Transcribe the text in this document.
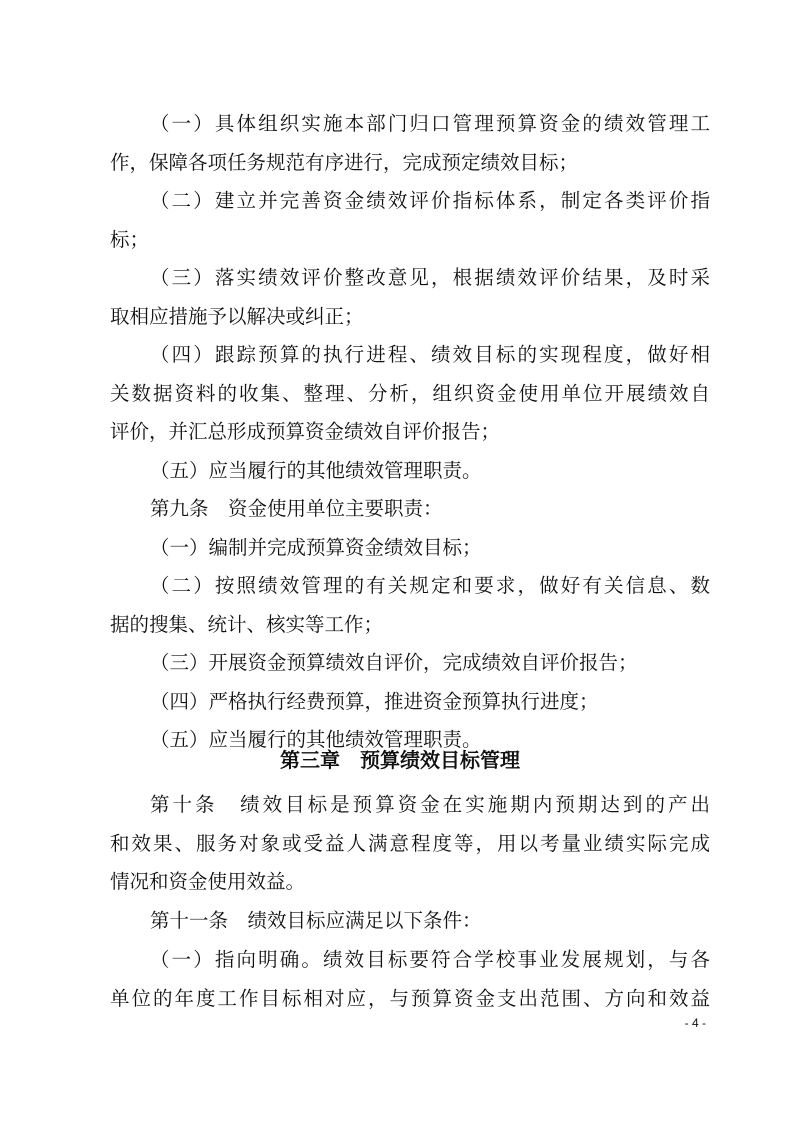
（一）具体组织实施本部门归口管理预算资金的绩效管理工
作，保障各项任务规范有序进行，完成预定绩效目标；
（二）建立并完善资金绩效评价指标体系，制定各类评价指
标；
（三）落实绩效评价整改意见，根据绩效评价结果，及时采
取相应措施予以解决或纠正；
（四）跟踪预算的执行进程、绩效目标的实现程度，做好相
关数据资料的收集、整理、分析，组织资金使用单位开展绩效自
评价，并汇总形成预算资金绩效自评价报告；
（五）应当履行的其他绩效管理职责。
第九条　资金使用单位主要职责：
（一）编制并完成预算资金绩效目标；
（二）按照绩效管理的有关规定和要求，做好有关信息、数
据的搜集、统计、核实等工作；
（三）开展资金预算绩效自评价，完成绩效自评价报告；
（四）严格执行经费预算，推进资金预算执行进度；
（五）应当履行的其他绩效管理职责。
第三章　预算绩效目标管理
第十条　绩效目标是预算资金在实施期内预期达到的产出
和效果、服务对象或受益人满意程度等，用以考量业绩实际完成
情况和资金使用效益。
第十一条　绩效目标应满足以下条件：
（一）指向明确。绩效目标要符合学校事业发展规划，与各
单位的年度工作目标相对应，与预算资金支出范围、方向和效益
- 4 -
